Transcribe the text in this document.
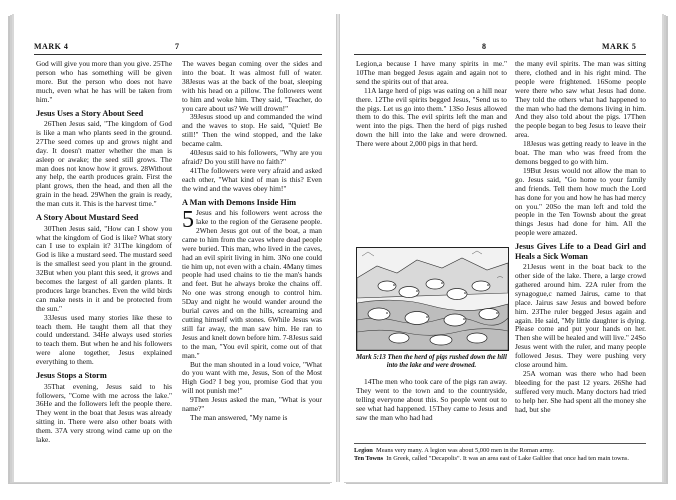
MARK 4	7

God will give you more than you give. 25The person who has something will be given more. But the person who does not have much, even what he has will be taken from him."

Jesus Uses a Story About Seed

26Then Jesus said, "The kingdom of God is like a man who plants seed in the ground. 27The seed comes up and grows night and day. It doesn't matter whether the man is asleep or awake; the seed still grows. The man does not know how it grows. 28Without any help, the earth produces grain. First the plant grows, then the head, and then all the grain in the head. 29When the grain is ready, the man cuts it. This is the harvest time."

A Story About Mustard Seed

30Then Jesus said, "How can I show you what the kingdom of God is like? What story can I use to explain it? 31The kingdom of God is like a mustard seed. The mustard seed is the smallest seed you plant in the ground. 32But when you plant this seed, it grows and becomes the largest of all garden plants. It produces large branches. Even the wild birds can make nests in it and be protected from the sun."

33Jesus used many stories like these to teach them. He taught them all that they could understand. 34He always used stories to teach them. But when he and his followers were alone together, Jesus explained everything to them.

Jesus Stops a Storm

35That evening, Jesus said to his followers, "Come with me across the lake." 36He and the followers left the people there. They went in the boat that Jesus was already sitting in. There were also other boats with them. 37A very strong wind came up on the lake.

The waves began coming over the sides and into the boat. It was almost full of water. 38Jesus was at the back of the boat, sleeping with his head on a pillow. The followers went to him and woke him. They said, "Teacher, do you care about us? We will drown!"

39Jesus stood up and commanded the wind and the waves to stop. He said, "Quiet! Be still!" Then the wind stopped, and the lake became calm.

40Jesus said to his followers, "Why are you afraid? Do you still have no faith?"

41The followers were very afraid and asked each other, "What kind of man is this? Even the wind and the waves obey him!"

A Man with Demons Inside Him

5 Jesus and his followers went across the lake to the region of the Gerasene people. 2When Jesus got out of the boat, a man came to him from the caves where dead people were buried. This man, who lived in the caves, had an evil spirit living in him. 3No one could tie him up, not even with a chain. 4Many times people had used chains to tie the man's hands and feet. But he always broke the chains off. No one was strong enough to control him. 5Day and night he would wander around the burial caves and on the hills, screaming and cutting himself with stones. 6While Jesus was still far away, the man saw him. He ran to Jesus and knelt down before him. 7-8Jesus said to the man, "You evil spirit, come out of that man."

But the man shouted in a loud voice, "What do you want with me, Jesus, Son of the Most High God? I beg you, promise God that you will not punish me!"

9Then Jesus asked the man, "What is your name?"

The man answered, "My name is

8	MARK 5

Legion,a because I have many spirits in me." 10The man begged Jesus again and again not to send the spirits out of that area.

11A large herd of pigs was eating on a hill near there. 12The evil spirits begged Jesus, "Send us to the pigs. Let us go into them." 13So Jesus allowed them to do this. The evil spirits left the man and went into the pigs. Then the herd of pigs rushed down the hill into the lake and were drowned. There were about 2,000 pigs in that herd.

Mark 5:13 Then the herd of pigs rushed down the hill into the lake and were drowned.

14The men who took care of the pigs ran away. They went to the town and to the countryside, telling everyone about this. So people went out to see what had happened. 15They came to Jesus and saw the man who had had

the many evil spirits. The man was sitting there, clothed and in his right mind. The people were frightened. 16Some people were there who saw what Jesus had done. They told the others what had happened to the man who had the demons living in him. And they also told about the pigs. 17Then the people began to beg Jesus to leave their area.

18Jesus was getting ready to leave in the boat. The man who was freed from the demons begged to go with him.

19But Jesus would not allow the man to go. Jesus said, "Go home to your family and friends. Tell them how much the Lord has done for you and how he has had mercy on you." 20So the man left and told the people in the Ten Townsb about the great things Jesus had done for him. All the people were amazed.

Jesus Gives Life to a Dead Girl and Heals a Sick Woman

21Jesus went in the boat back to the other side of the lake. There, a large crowd gathered around him. 22A ruler from the synagogue,c named Jairus, came to that place. Jairus saw Jesus and bowed before him. 23The ruler begged Jesus again and again. He said, "My little daughter is dying. Please come and put your hands on her. Then she will be healed and will live." 24So Jesus went with the ruler, and many people followed Jesus. They were pushing very close around him.

25A woman was there who had been bleeding for the past 12 years. 26She had suffered very much. Many doctors had tried to help her. She had spent all the money she had, but she

Legion Means very many. A legion was about 5,000 men in the Roman army.
Ten Towns In Greek, called "Decapolis". It was an area east of Lake Galilee that once had ten main towns.
